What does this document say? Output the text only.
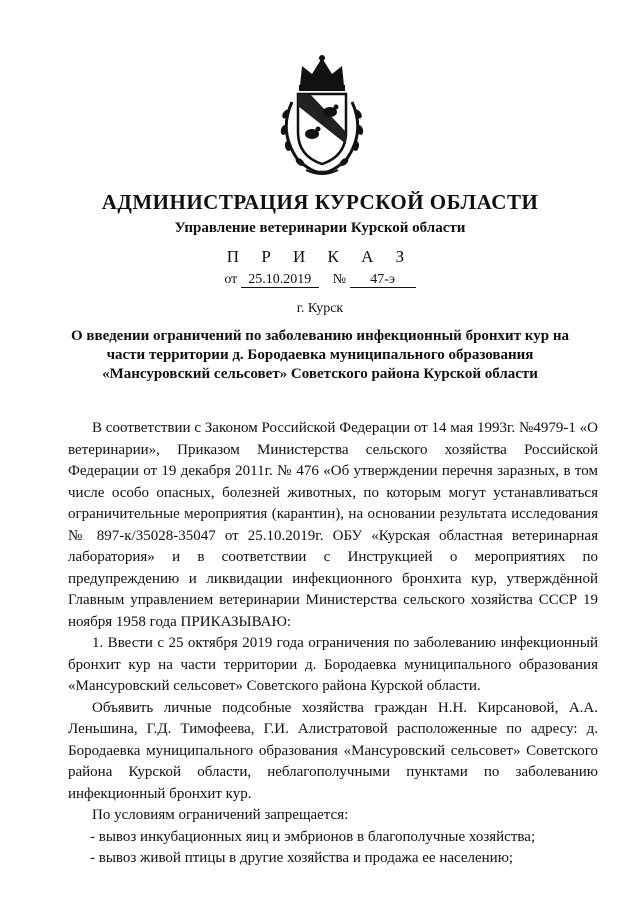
АДМИНИСТРАЦИЯ КУРСКОЙ ОБЛАСТИ
Управление ветеринарии Курской области
П Р И К А З
от 25.10.2019 № 47-э
г. Курск
О введении ограничений по заболеванию инфекционный бронхит кур на
части территории д. Бородаевка муниципального образования
«Мансуровский сельсовет» Советского района Курской области

В соответствии с Законом Российской Федерации от 14 мая 1993г. №4979-1 «О ветеринарии», Приказом Министерства сельского хозяйства Российской Федерации от 19 декабря 2011г. № 476 «Об утверждении перечня заразных, в том числе особо опасных, болезней животных, по которым могут устанавливаться ограничительные мероприятия (карантин), на основании результата исследования № 897-к/35028-35047 от 25.10.2019г. ОБУ «Курская областная ветеринарная лаборатория» и в соответствии с Инструкцией о мероприятиях по предупреждению и ликвидации инфекционного бронхита кур, утверждённой Главным управлением ветеринарии Министерства сельского хозяйства СССР 19 ноября 1958 года ПРИКАЗЫВАЮ:

1. Ввести с 25 октября 2019 года ограничения по заболеванию инфекционный бронхит кур на части территории д. Бородаевка муниципального образования «Мансуровский сельсовет» Советского района Курской области.

Объявить личные подсобные хозяйства граждан Н.Н. Кирсановой, А.А. Леньшина, Г.Д. Тимофеева, Г.И. Алистратовой расположенные по адресу: д. Бородаевка муниципального образования «Мансуровский сельсовет» Советского района Курской области, неблагополучными пунктами по заболеванию инфекционный бронхит кур.

По условиям ограничений запрещается:

- вывоз инкубационных яиц и эмбрионов в благополучные хозяйства;

- вывоз живой птицы в другие хозяйства и продажа ее населению;
